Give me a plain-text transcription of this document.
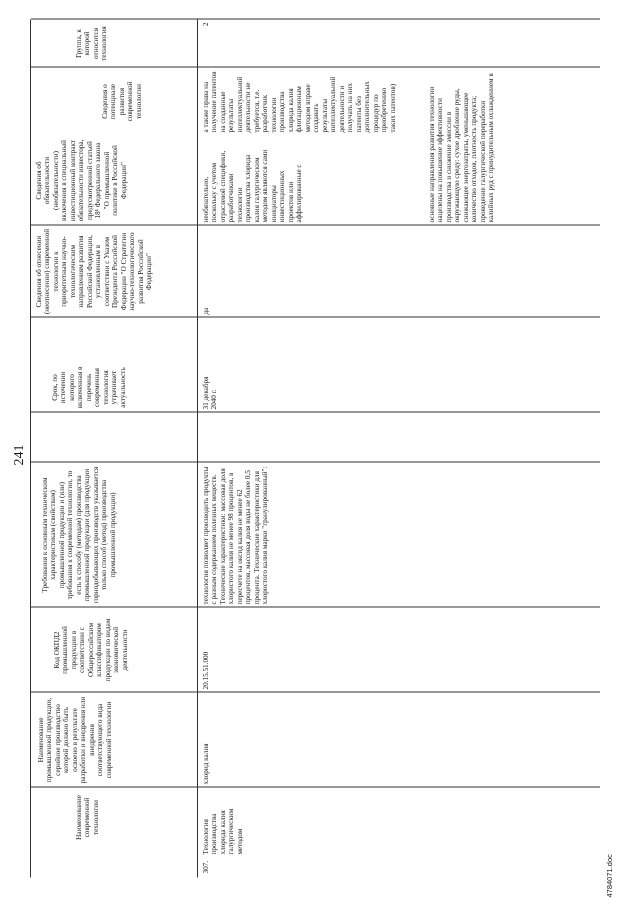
241
Наименование современной технологии
Наименование промышленной продукции, серийное производство которой должно быть освоено в результате разработки и внедрения или внедрения соответствующего вида современной технологии
Код ОКПД2 промышленной продукции в соответствии с Общероссийским классификатором продукции по видам экономической деятельности
Требования к основным техническим характеристикам (свойствам) промышленной продукции и (или) требования к современной технологии, то есть к способу (методам) производства промышленной продукции (для продукции горнодобывающих производств указывается только способ (метод) производства промышленной продукции)
Срок, по истечении которого включенная в перечень современная технология утрачивает актуальность
Сведения об отнесении (неотнесении) современной технологии к приоритетным научно-технологическим направлениям развития Российской Федерации, установленным в соответствии с Указом Президента Российской Федерации "О Стратегии научно-технологического развития Российской Федерации"
Сведения об обязательности (необязательности) включения в специальный инвестиционный контракт обязательности инвестора, предусмотренной статьей 18¹ Федерального закона "О промышленной политике в Российской Федерации"
Сведения о потенциале развития современной технологии
Группа, к которой относится технология
307.
Технология производства хлорида калия галургическим методом
хлорид калия
20.15.51.000
технология позволяет производить продукты с разным содержанием полезных веществ. Технические характеристики: массовая доля хлористого калия не менее 98 процентов, в пересчете на оксид калия не менее 62 процентов, массовая доля воды не более 0,5 процента. Технические характеристики для хлористого калия марки "гранулированный":
31 декабря 2040 г.
да
необязательно, поскольку с учетом отраслевой специфики, разработчиками технологии производства хлорида калия галургическим методом являются сами инициаторы инвестиционных проектов или аффилированные с
а также права на получение патентов на созданные результаты интеллектуальной деятельности не требуется, т.е. разработчик технологии производства хлорида калия флотационным методом вправе создавать результаты интеллектуальной деятельности и получать на них патенты без дополнительных процедур по приобретению таких патентов)	основные направления развития технологии нацелены на повышение эффективности производства и снижение эмиссии в окружающую среду: сухое дробление руды, снижающее энергозатраты, уменьшающее количество отходов, плотность продукта; проведение галургической переработки калийных руд с принудительным охлаждением в
2
4784071.doc
